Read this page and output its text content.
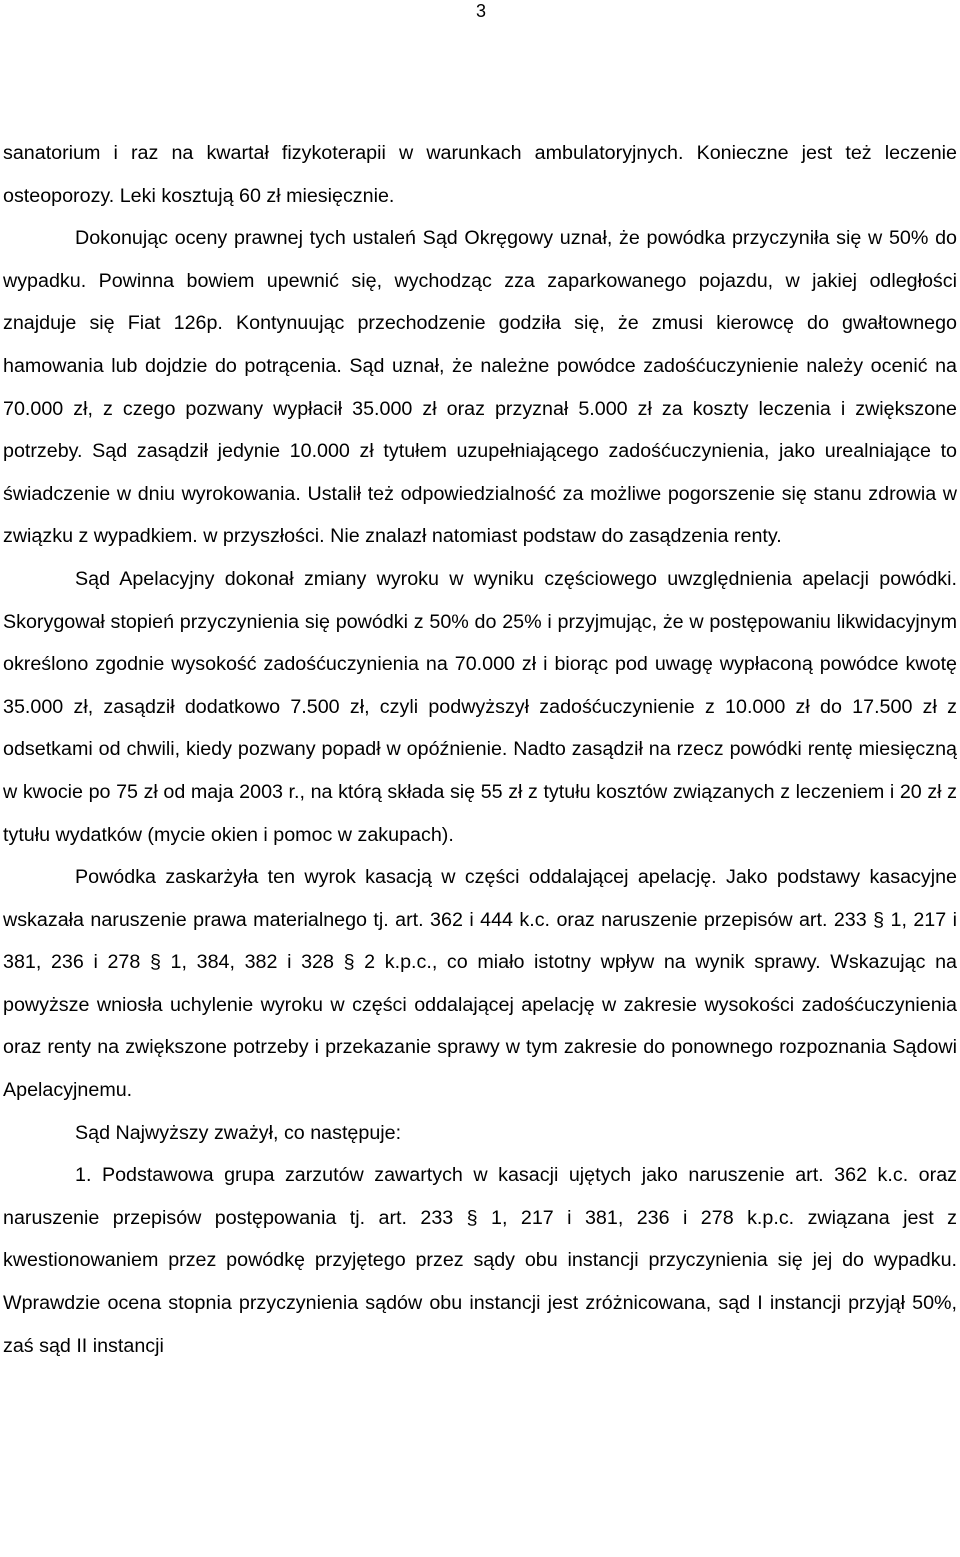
3

sanatorium i raz na kwartał fizykoterapii w warunkach ambulatoryjnych. Konieczne jest też leczenie osteoporozy. Leki kosztują 60 zł miesięcznie.

Dokonując oceny prawnej tych ustaleń Sąd Okręgowy uznał, że powódka przyczyniła się w 50% do wypadku. Powinna bowiem upewnić się, wychodząc zza zaparkowanego pojazdu, w jakiej odległości znajduje się Fiat 126p. Kontynuując przechodzenie godziła się, że zmusi kierowcę do gwałtownego hamowania lub dojdzie do potrącenia. Sąd uznał, że należne powódce zadośćuczynienie należy ocenić na 70.000 zł, z czego pozwany wypłacił 35.000 zł oraz przyznał 5.000 zł za koszty leczenia i zwiększone potrzeby. Sąd zasądził jedynie 10.000 zł tytułem uzupełniającego zadośćuczynienia, jako urealniające to świadczenie w dniu wyrokowania. Ustalił też odpowiedzialność za możliwe pogorszenie się stanu zdrowia w związku z wypadkiem. w przyszłości. Nie znalazł natomiast podstaw do zasądzenia renty.

Sąd Apelacyjny dokonał zmiany wyroku w wyniku częściowego uwzględnienia apelacji powódki. Skorygował stopień przyczynienia się powódki z 50% do 25% i przyjmując, że w postępowaniu likwidacyjnym określono zgodnie wysokość zadośćuczynienia na 70.000 zł i biorąc pod uwagę wypłaconą powódce kwotę 35.000 zł, zasądził dodatkowo 7.500 zł, czyli podwyższył zadośćuczynienie z 10.000 zł do 17.500 zł z odsetkami od chwili, kiedy pozwany popadł w opóźnienie. Nadto zasądził na rzecz powódki rentę miesięczną w kwocie po 75 zł od maja 2003 r., na którą składa się 55 zł z tytułu kosztów związanych z leczeniem i 20 zł z tytułu wydatków (mycie okien i pomoc w zakupach).

Powódka zaskarżyła ten wyrok kasacją w części oddalającej apelację. Jako podstawy kasacyjne wskazała naruszenie prawa materialnego tj. art. 362 i 444 k.c. oraz naruszenie przepisów art. 233 § 1, 217 i 381, 236 i 278 § 1, 384, 382 i 328 § 2 k.p.c., co miało istotny wpływ na wynik sprawy. Wskazując na powyższe wniosła uchylenie wyroku w części oddalającej apelację w zakresie wysokości zadośćuczynienia oraz renty na zwiększone potrzeby i przekazanie sprawy w tym zakresie do ponownego rozpoznania Sądowi Apelacyjnemu.

Sąd Najwyższy zważył, co następuje:

1. Podstawowa grupa zarzutów zawartych w kasacji ujętych jako naruszenie art. 362 k.c. oraz naruszenie przepisów postępowania tj. art. 233 § 1, 217 i 381, 236 i 278 k.p.c. związana jest z kwestionowaniem przez powódkę przyjętego przez sądy obu instancji przyczynienia się jej do wypadku. Wprawdzie ocena stopnia przyczynienia sądów obu instancji jest zróżnicowana, sąd I instancji przyjął 50%, zaś sąd II instancji
